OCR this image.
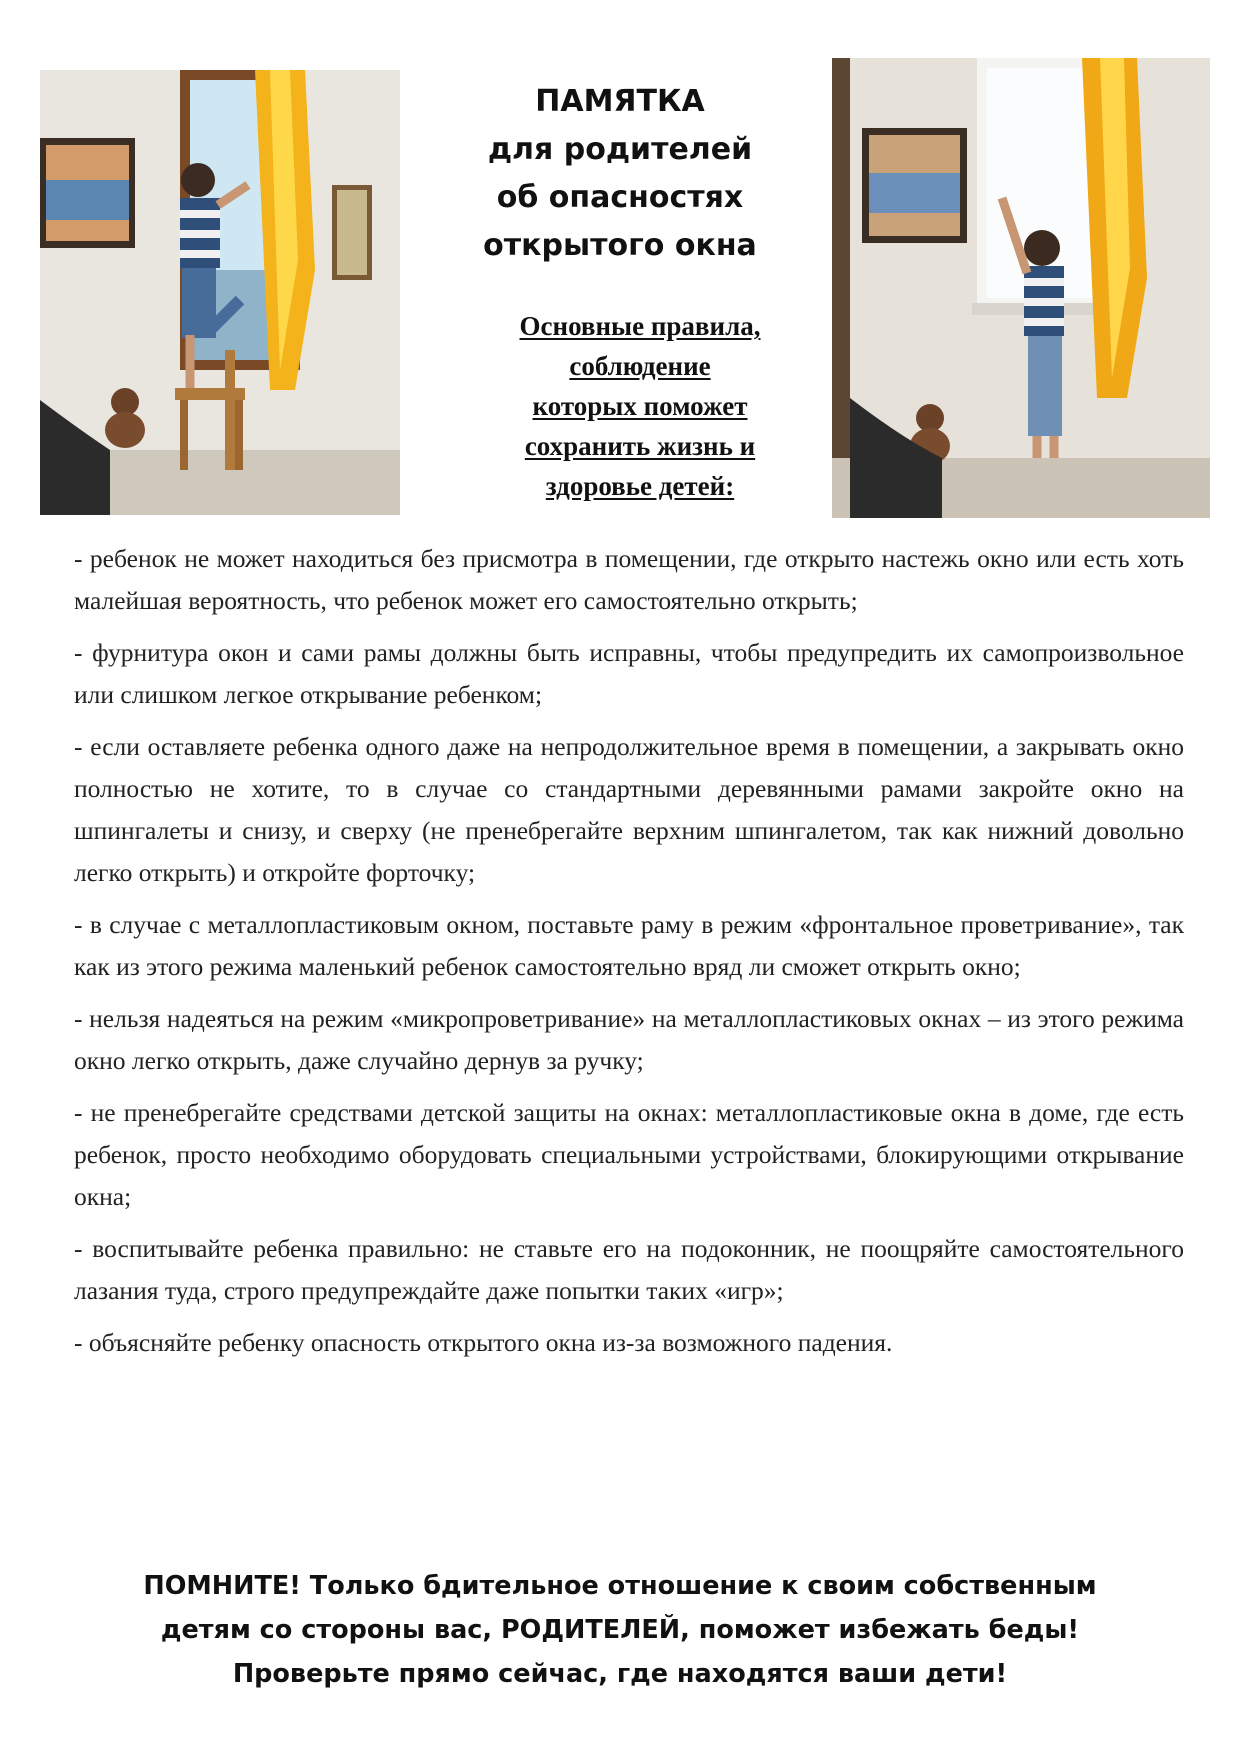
ПАМЯТКА
для родителей
об опасностях
открытого окна
Основные правила,
соблюдение
которых поможет
сохранить жизнь и
здоровье детей:

- ребенок не может находиться без присмотра в помещении, где открыто настежь окно или есть хоть малейшая вероятность, что ребенок может его самостоятельно открыть;

- фурнитура окон и сами рамы должны быть исправны, чтобы предупредить их самопроизвольное или слишком легкое открывание ребенком;

- если оставляете ребенка одного даже на непродолжительное время в помещении, а закрывать окно полностью не хотите, то в случае со стандартными деревянными рамами закройте окно на шпингалеты и снизу, и сверху (не пренебрегайте верхним шпингалетом, так как нижний довольно легко открыть) и откройте форточку;

- в случае с металлопластиковым окном, поставьте раму в режим «фронтальное проветривание», так как из этого режима маленький ребенок самостоятельно вряд ли сможет открыть окно;

- нельзя надеяться на режим «микропроветривание» на металлопластиковых окнах – из этого режима окно легко открыть, даже случайно дернув за ручку;

- не пренебрегайте средствами детской защиты на окнах: металлопластиковые окна в доме, где есть ребенок, просто необходимо оборудовать специальными устройствами, блокирующими открывание окна;

- воспитывайте ребенка правильно: не ставьте его на подоконник, не поощряйте самостоятельного лазания туда, строго предупреждайте даже попытки таких «игр»;

- объясняйте ребенку опасность открытого окна из-за возможного падения.

ПОМНИТЕ! Только бдительное отношение к своим собственным
детям со стороны вас, РОДИТЕЛЕЙ, поможет избежать беды!
Проверьте прямо сейчас, где находятся ваши дети!
